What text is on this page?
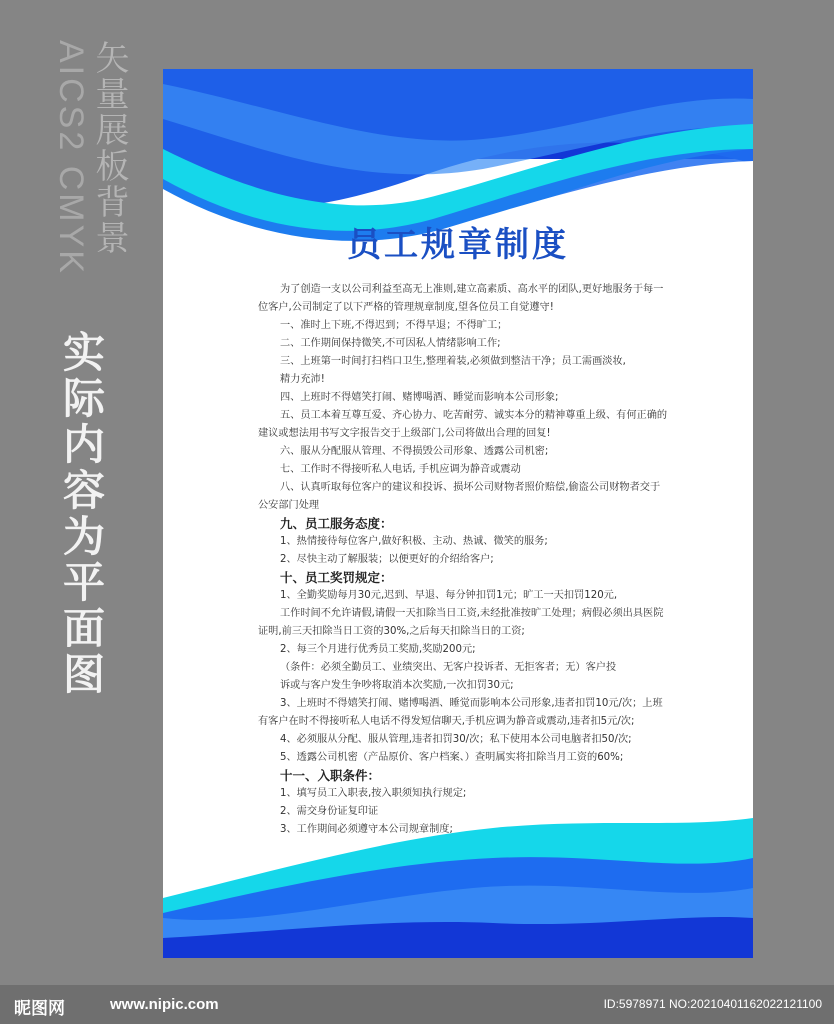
矢量展板背景
AICS2 CMYK
实际内容为平面图
员工规章制度
为了创造一支以公司利益至高无上准则,建立高素质、高水平的团队,更好地服务于每一
位客户,公司制定了以下严格的管理规章制度,望各位员工自觉遵守!
一、准时上下班,不得迟到；不得早退；不得旷工；
二、工作期间保持微笑,不可因私人情绪影响工作;
三、上班第一时间打扫档口卫生,整理着装,必须做到整洁干净；员工需画淡妆,
精力充沛!
四、上班时不得嬉笑打闹、赌博喝酒、睡觉而影响本公司形象;
五、员工本着互尊互爱、齐心协力、吃苦耐劳、诚实本分的精神尊重上级、有何正确的
建议或想法用书写文字报告交于上级部门,公司将做出合理的回复!
六、服从分配服从管理、不得损毁公司形象、透露公司机密;
七、工作时不得接听私人电话, 手机应调为静音或震动
八、认真听取每位客户的建议和投诉、损坏公司财物者照价赔偿,偷盗公司财物者交于
公安部门处理
九、员工服务态度：
1、热情接待每位客户,做好积极、主动、热诚、微笑的服务;
2、尽快主动了解服装；以便更好的介绍给客户;
十、员工奖罚规定：
1、全勤奖励每月30元,迟到、早退、每分钟扣罚1元；旷工一天扣罚120元,
工作时间不允许请假,请假一天扣除当日工资,未经批准按旷工处理；病假必须出具医院
证明,前三天扣除当日工资的30%,之后每天扣除当日的工资;
2、每三个月进行优秀员工奖励,奖励200元;
（条件：必须全勤员工、业绩突出、无客户投诉者、无拒客者；无）客户投
诉或与客户发生争吵将取消本次奖励,一次扣罚30元;
3、上班时不得嬉笑打闹、赌博喝酒、睡觉而影响本公司形象,违者扣罚10元/次；上班
有客户在时不得接听私人电话不得发短信聊天,手机应调为静音或震动,违者扣5元/次;
4、必须服从分配、服从管理,违者扣罚30/次；私下使用本公司电脑者扣50/次;
5、透露公司机密（产品原价、客户档案、）查明属实将扣除当月工资的60%;
十一、入职条件：
1、填写员工入职表,按入职须知执行规定;
2、需交身份证复印证
3、工作期间必须遵守本公司规章制度;
昵图网	www.nipic.com	ID:5978971 NO:20210401162022121100
